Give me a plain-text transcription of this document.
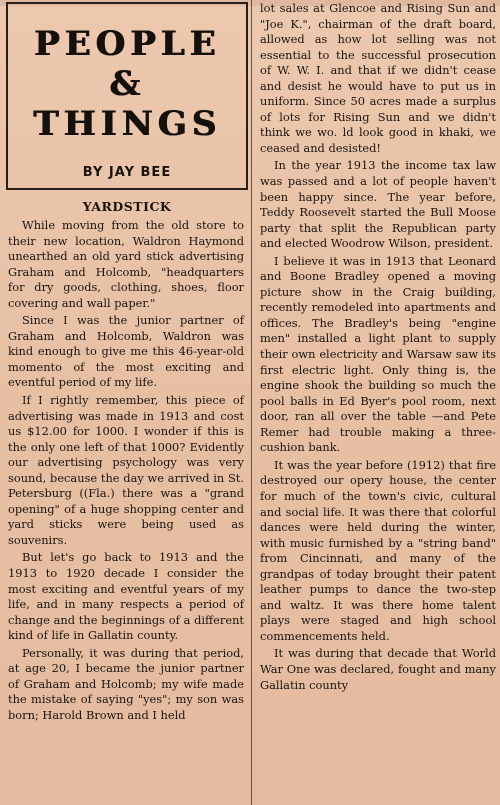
PEOPLE
&
THINGS
BY JAY BEE
YARDSTICK

While moving from the old store to their new location, Waldron Haymond unearthed an old yard stick advertising Graham and Holcomb, "headquarters for dry goods, clothing, shoes, floor covering and wall paper."

Since I was the junior partner of Graham and Holcomb, Waldron was kind enough to give me this 46-year-old momento of the most exciting and eventful period of my life.

If I rightly remember, this piece of advertising was made in 1913 and cost us $12.00 for 1000. I wonder if this is the only one left of that 1000? Evidently our advertising psychology was very sound, because the day we arrived in St. Petersburg ((Fla.) there was a "grand opening" of a huge shopping center and yard sticks were being used as souvenirs.

But let's go back to 1913 and the 1913 to 1920 decade I consider the most exciting and eventful years of my life, and in many respects a period of change and the beginnings of a different kind of life in Gallatin county.

Personally, it was during that period, at age 20, I became the junior partner of Graham and Holcomb; my wife made the mistake of saying "yes"; my son was born; Harold Brown and I held

lot sales at Glencoe and Rising Sun and "Joe K.", chairman of the draft board, allowed as how lot selling was not essential to the successful prosecution of W. W. I. and that if we didn't cease and desist he would have to put us in uniform. Since 50 acres made a surplus of lots for Rising Sun and we didn't think we wo. ld look good in khaki, we ceased and desisted!

In the year 1913 the income tax law was passed and a lot of people haven't been happy since. The year before, Teddy Roosevelt started the Bull Moose party that split the Republican party and elected Woodrow Wilson, president.

I believe it was in 1913 that Leonard and Boone Bradley opened a moving picture show in the Craig building, recently remodeled into apartments and offices. The Bradley's being "engine men" installed a light plant to supply their own electricity and Warsaw saw its first electric light. Only thing is, the engine shook the building so much the pool balls in Ed Byer's pool room, next door, ran all over the table —and Pete Remer had trouble making a three-cushion bank.

It was the year before (1912) that fire destroyed our opery house, the center for much of the town's civic, cultural and social life. It was there that colorful dances were held during the winter, with music furnished by a "string band" from Cincinnati, and many of the grandpas of today brought their patent leather pumps to dance the two-step and waltz. It was there home talent plays were staged and high school commencements held.

It was during that decade that World War One was declared, fought and many Gallatin county
